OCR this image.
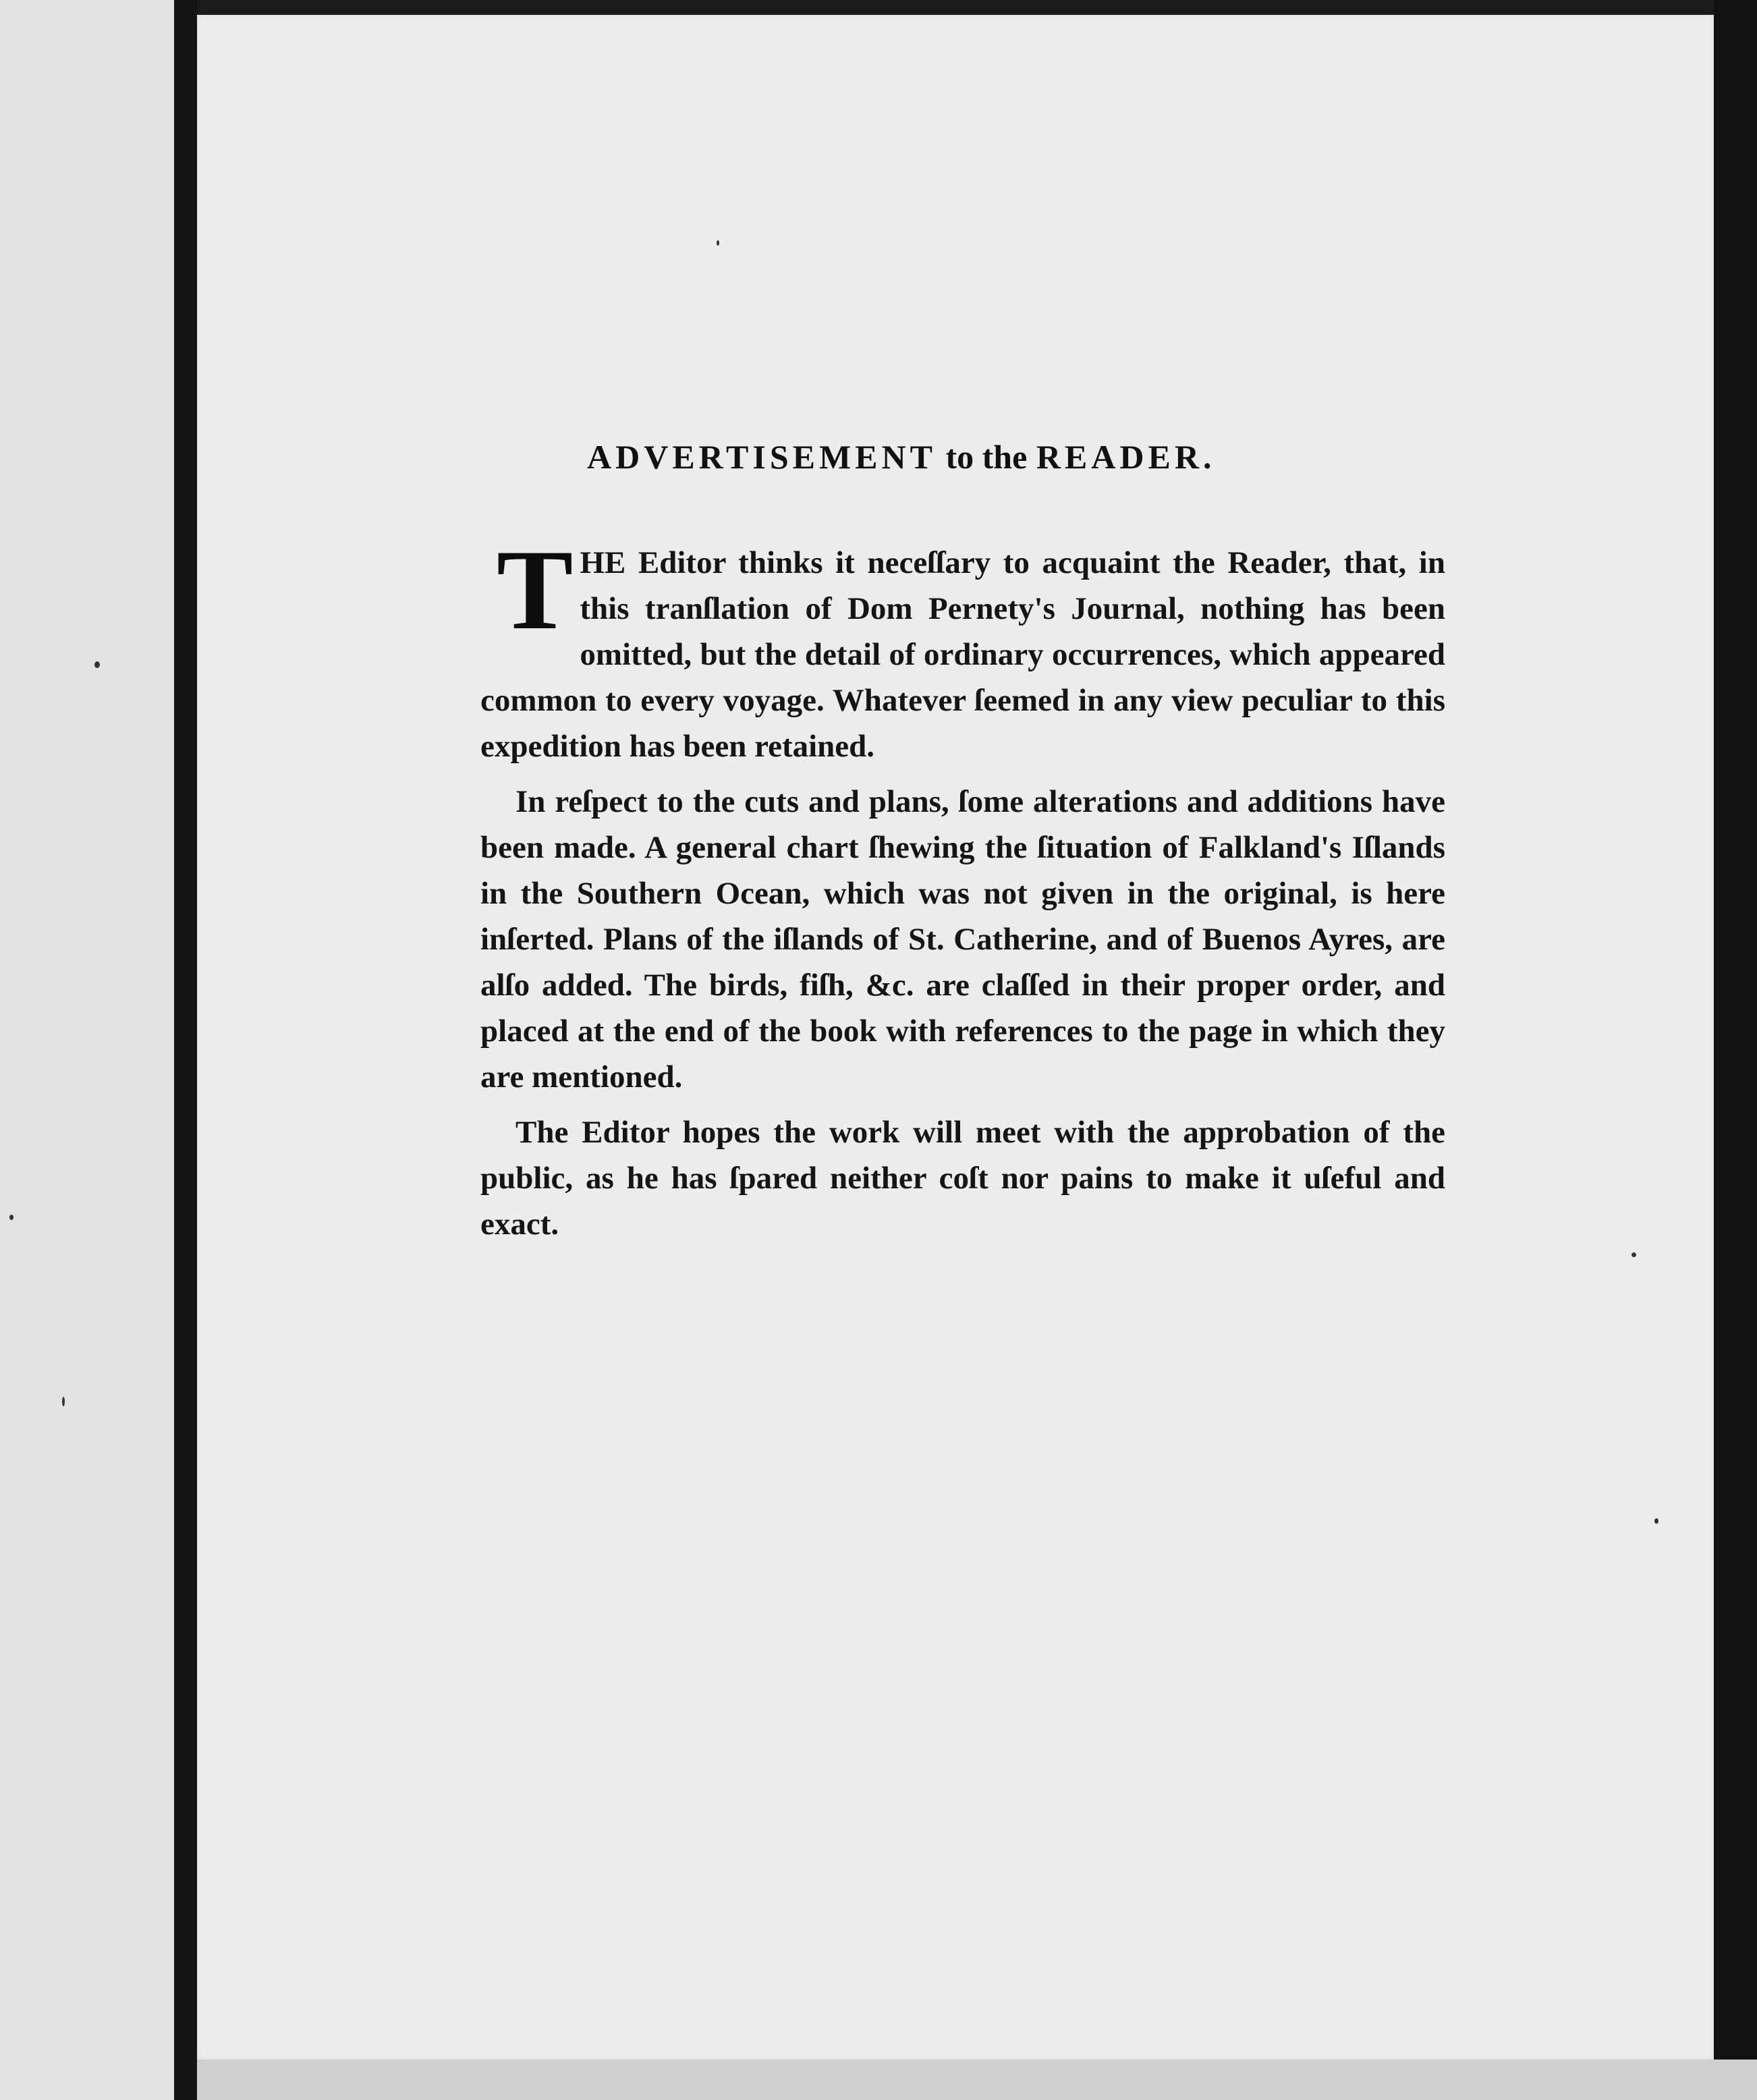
ADVERTISEMENT to the READER.

T HE Editor thinks it neceſſary to acquaint the Reader, that, in this tranſlation of Dom Pernety's Journal, nothing has been omitted, but the detail of ordinary occurrences, which appeared common to every voyage. Whatever ſeemed in any view peculiar to this expedition has been retained.

In reſpect to the cuts and plans, ſome alterations and additions have been made. A general chart ſhewing the ſituation of Falkland's Iſlands in the Southern Ocean, which was not given in the original, is here inſerted. Plans of the iſlands of St. Catherine, and of Buenos Ayres, are alſo added. The birds, fiſh, &c. are claſſed in their proper order, and placed at the end of the book with references to the page in which they are mentioned.

The Editor hopes the work will meet with the approbation of the public, as he has ſpared neither coſt nor pains to make it uſeful and exact.
